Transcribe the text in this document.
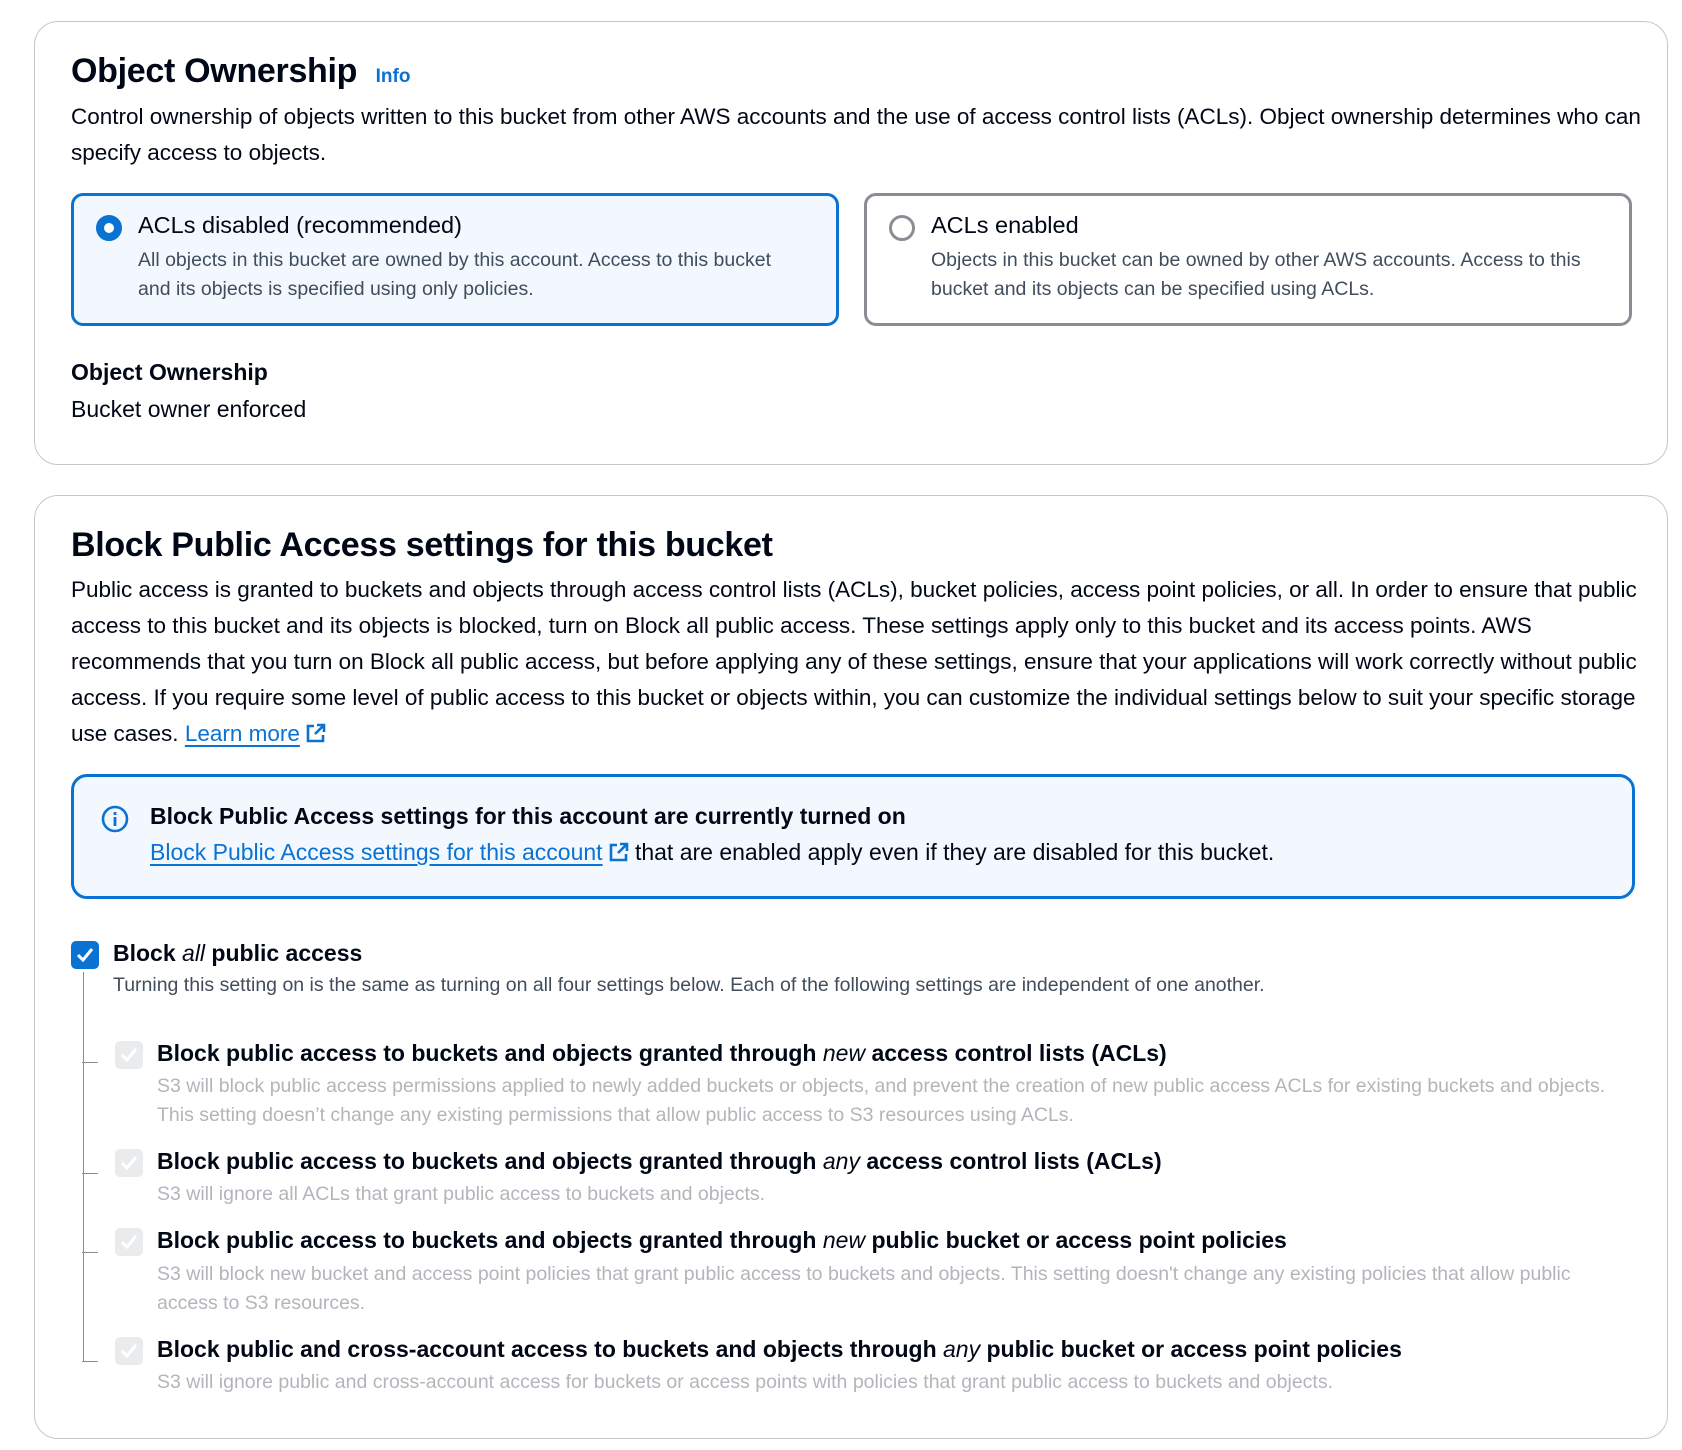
Object Ownership Info
Control ownership of objects written to this bucket from other AWS accounts and the use of access control lists (ACLs). Object ownership determines who can specify access to objects.
ACLs disabled (recommended)
All objects in this bucket are owned by this account. Access to this bucket and its objects is specified using only policies.
ACLs enabled
Objects in this bucket can be owned by other AWS accounts. Access to this bucket and its objects can be specified using ACLs.
Object Ownership
Bucket owner enforced
Block Public Access settings for this bucket
Public access is granted to buckets and objects through access control lists (ACLs), bucket policies, access point policies, or all. In order to ensure that public access to this bucket and its objects is blocked, turn on Block all public access. These settings apply only to this bucket and its access points. AWS recommends that you turn on Block all public access, but before applying any of these settings, ensure that your applications will work correctly without public access. If you require some level of public access to this bucket or objects within, you can customize the individual settings below to suit your specific storage use cases. Learn more
Block Public Access settings for this account are currently turned on
Block Public Access settings for this account that are enabled apply even if they are disabled for this bucket.
Block all public access
Turning this setting on is the same as turning on all four settings below. Each of the following settings are independent of one another.
Block public access to buckets and objects granted through new access control lists (ACLs)
S3 will block public access permissions applied to newly added buckets or objects, and prevent the creation of new public access ACLs for existing buckets and objects. This setting doesn’t change any existing permissions that allow public access to S3 resources using ACLs.
Block public access to buckets and objects granted through any access control lists (ACLs)
S3 will ignore all ACLs that grant public access to buckets and objects.
Block public access to buckets and objects granted through new public bucket or access point policies
S3 will block new bucket and access point policies that grant public access to buckets and objects. This setting doesn't change any existing policies that allow public access to S3 resources.
Block public and cross-account access to buckets and objects through any public bucket or access point policies
S3 will ignore public and cross-account access for buckets or access points with policies that grant public access to buckets and objects.
